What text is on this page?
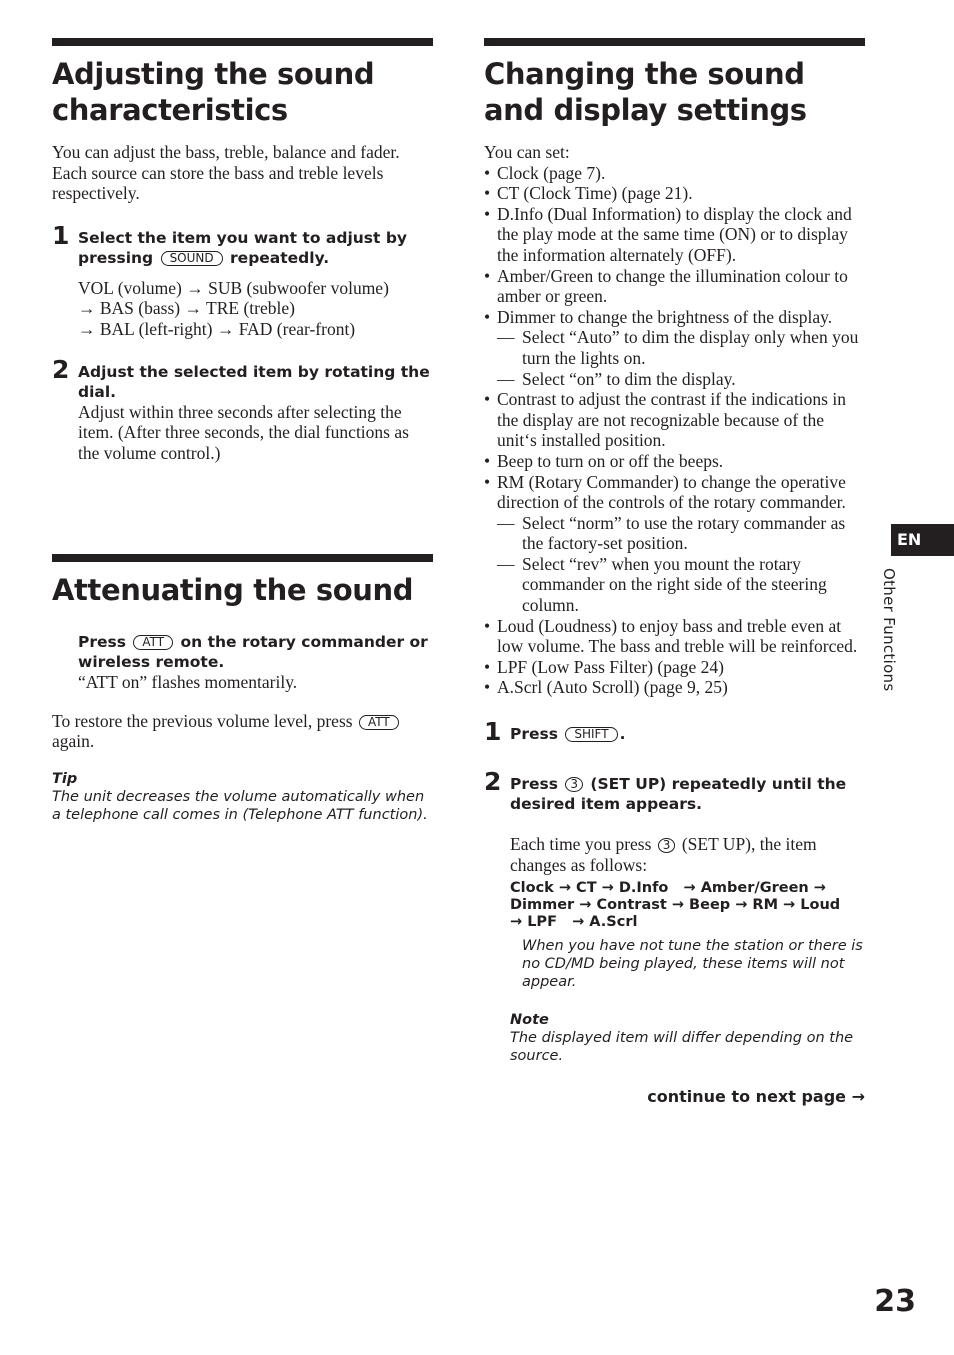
Adjusting the sound characteristics

You can adjust the bass, treble, balance and fader.

Each source can store the bass and treble levels respectively.

1 Select the item you want to adjust by pressing SOUND repeatedly.

VOL (volume) → SUB (subwoofer volume)

→ BAS (bass) → TRE (treble)

→ BAL (left-right) → FAD (rear-front)

2 Adjust the selected item by rotating the dial.

Adjust within three seconds after selecting the item. (After three seconds, the dial functions as the volume control.)

Attenuating the sound
Press ATT on the rotary commander or wireless remote.

“ATT on” flashes momentarily.

To restore the previous volume level, press ATT again.

Tip
The unit decreases the volume automatically when a telephone call comes in (Telephone ATT function).
Changing the sound and display settings

You can set:

• Clock (page 7).
• CT (Clock Time) (page 21).
• D.Info (Dual Information) to display the clock and the play mode at the same time (ON) or to display the information alternately (OFF).
• Amber/Green to change the illumination colour to amber or green.
• Dimmer to change the brightness of the display.
— Select “Auto” to dim the display only when you turn the lights on.
— Select “on” to dim the display.
• Contrast to adjust the contrast if the indications in the display are not recognizable because of the unit‘s installed position.
• Beep to turn on or off the beeps.
• RM (Rotary Commander) to change the operative direction of the controls of the rotary commander.
— Select “norm” to use the rotary commander as the factory-set position.
— Select “rev” when you mount the rotary commander on the right side of the steering column.
• Loud (Loudness) to enjoy bass and treble even at low volume. The bass and treble will be reinforced.
• LPF (Low Pass Filter) (page 24)
• A.Scrl (Auto Scroll) (page 9, 25)
1 Press SHIFT .
2 Press 3 (SET UP) repeatedly until the desired item appears.

Each time you press 3 (SET UP), the item changes as follows:

Clock → CT → D.Info   → Amber/Green →
Dimmer → Contrast → Beep → RM → Loud
→ LPF   → A.Scrl
When you have not tune the station or there is no CD/MD being played, these items will not appear.
Note
The displayed item will differ depending on the source.
continue to next page →
EN
Other Functions
23
